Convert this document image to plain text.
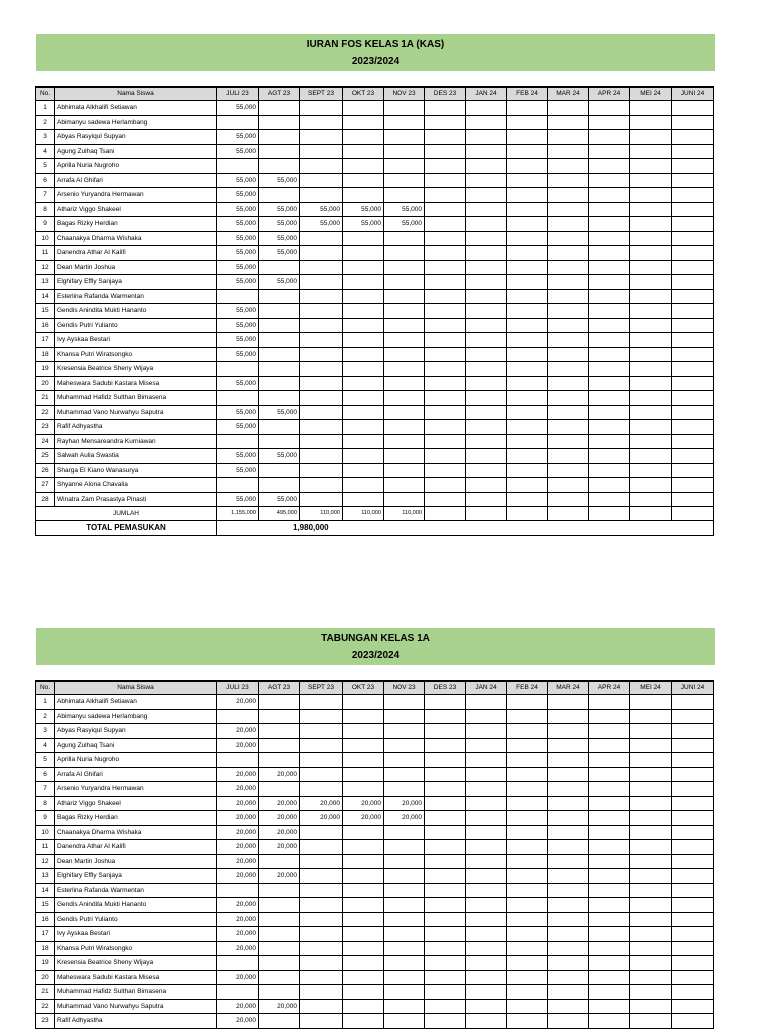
IURAN FOS KELAS 1A (KAS)
2023/2024
No.	Nama Siswa	JULI 23	AGT 23	SEPT 23	OKT 23	NOV 23	DES 23	JAN 24	FEB 24	MAR 24	APR 24	MEI 24	JUNI 24
1	Abhimata Alkhalifi Setiawan	55,000											
2	Abimanyu sadewa Herlambang												
3	Abyas Rasyiqul Supyan	55,000											
4	Agung Zulhaq Tsani	55,000											
5	Aprilla Nuria Nugroho												
6	Arrafa Al Ghifari	55,000	55,000										
7	Arsenio Yuryandra Hermawan	55,000											
8	Athariz Viggo Shakeel	55,000	55,000	55,000	55,000	55,000							
9	Bagas Rizky Herdian	55,000	55,000	55,000	55,000	55,000							
10	Chaanakya Dharma Wishaka	55,000	55,000										
11	Danendra Athar Al Kalifi	55,000	55,000										
12	Dean Martin Joshua	55,000											
13	Elghifary Effly Sanjaya	55,000	55,000										
14	Esterlina Rafanda Warmentan												
15	Gendis Anindita Mukti Hananto	55,000											
16	Gendis Putri Yulianto	55,000											
17	Ivy Ayskaa Bestari	55,000											
18	Khansa Putri Wiratsongko	55,000											
19	Kresensia Beatrice Sheny Wijaya												
20	Maheswara Sadubi Kastara Misesa	55,000											
21	Muhammad Hafidz Sulthan Bimasena												
22	Muhammad Vano Nurwahyu Saputra	55,000	55,000										
23	Rafif Adhyastha	55,000											
24	Rayhan Mensareandra Kurniawan												
25	Salwah Aulia Swastia	55,000	55,000										
26	Sharga El Kiano Wanasurya	55,000											
27	Shyanne Alona Chavalia												
28	Winatra Zam Prasastya Pinasti	55,000	55,000										
JUMLAH		1,155,000	495,000	110,000	110,000	110,000							
TOTAL PEMASUKAN		1,980,000											
TABUNGAN KELAS 1A
2023/2024
No.	Nama Siswa	JULI 23	AGT 23	SEPT 23	OKT 23	NOV 23	DES 23	JAN 24	FEB 24	MAR 24	APR 24	MEI 24	JUNI 24
1	Abhimata Alkhalifi Setiawan	20,000											
2	Abimanyu sadewa Herlambang												
3	Abyas Rasyiqul Supyan	20,000											
4	Agung Zulhaq Tsani	20,000											
5	Aprilla Nuria Nugroho												
6	Arrafa Al Ghifari	20,000	20,000										
7	Arsenio Yuryandra Hermawan	20,000											
8	Athariz Viggo Shakeel	20,000	20,000	20,000	20,000	20,000							
9	Bagas Rizky Herdian	20,000	20,000	20,000	20,000	20,000							
10	Chaanakya Dharma Wishaka	20,000	20,000										
11	Danendra Athar Al Kalifi	20,000	20,000										
12	Dean Martin Joshua	20,000											
13	Elghifary Effly Sanjaya	20,000	20,000										
14	Esterlina Rafanda Warmentan												
15	Gendis Anindita Mukti Hananto	20,000											
16	Gendis Putri Yulianto	20,000											
17	Ivy Ayskaa Bestari	20,000											
18	Khansa Putri Wiratsongko	20,000											
19	Kresensia Beatrice Sheny Wijaya												
20	Maheswara Sadubi Kastara Misesa	20,000											
21	Muhammad Hafidz Sulthan Bimasena												
22	Muhammad Vano Nurwahyu Saputra	20,000	20,000										
23	Rafif Adhyastha	20,000											
